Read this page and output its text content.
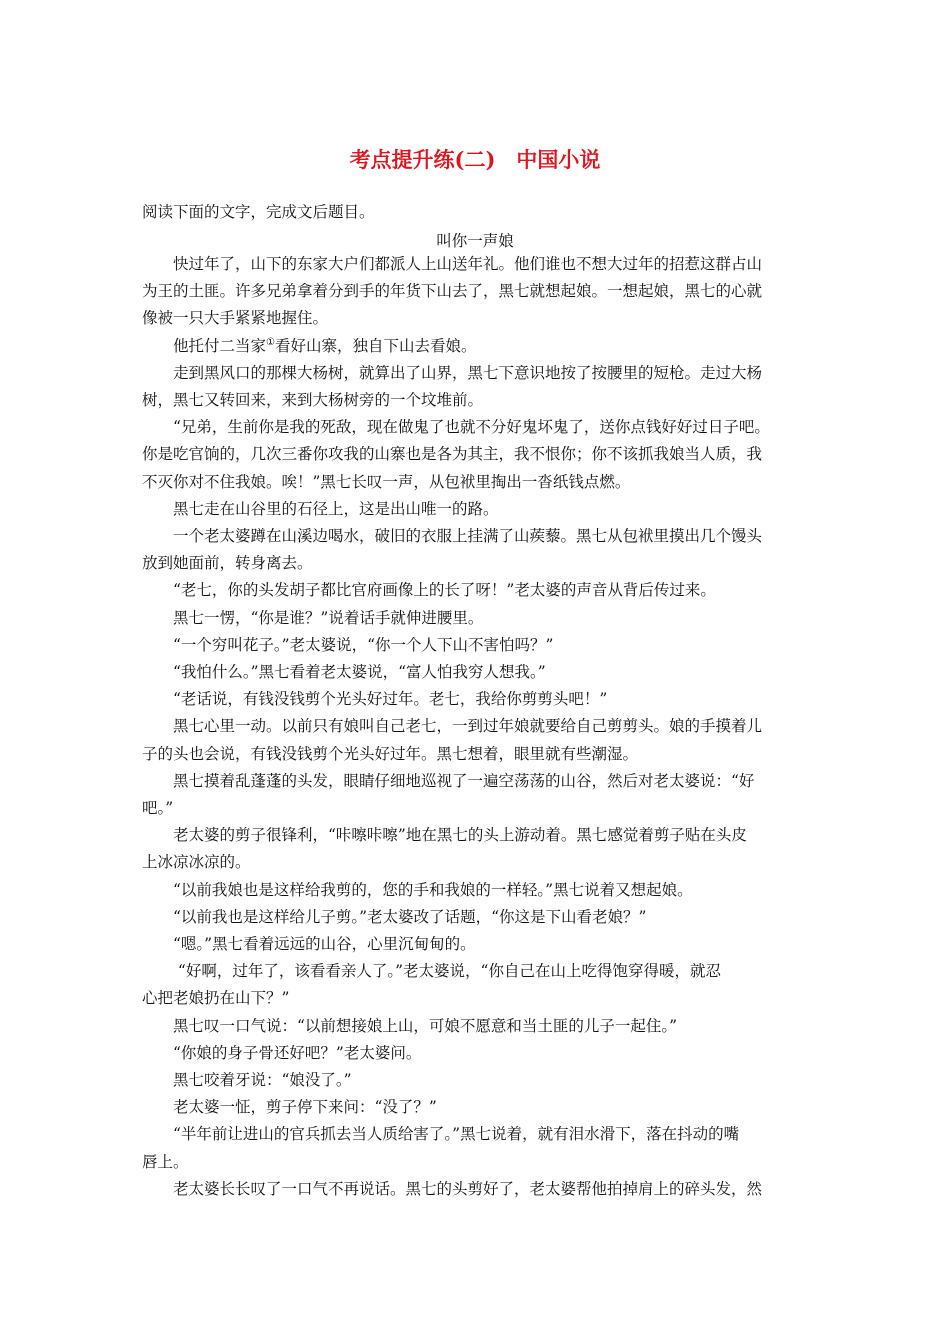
考点提升练(二)　中国小说
阅读下面的文字，完成文后题目。
叫你一声娘
　　快过年了，山下的东家大户们都派人上山送年礼。他们谁也不想大过年的招惹这群占山
为王的土匪。许多兄弟拿着分到手的年货下山去了，黑七就想起娘。一想起娘，黑七的心就
像被一只大手紧紧地握住。
　　他托付二当家①看好山寨，独自下山去看娘。
　　走到黑风口的那棵大杨树，就算出了山界，黑七下意识地按了按腰里的短枪。走过大杨
树，黑七又转回来，来到大杨树旁的一个坟堆前。
　　“兄弟，生前你是我的死敌，现在做鬼了也就不分好鬼坏鬼了，送你点钱好好过日子吧。
你是吃官饷的，几次三番你攻我的山寨也是各为其主，我不恨你；你不该抓我娘当人质，我
不灭你对不住我娘。唉！”黑七长叹一声，从包袱里掏出一沓纸钱点燃。
　　黑七走在山谷里的石径上，这是出山唯一的路。
　　一个老太婆蹲在山溪边喝水，破旧的衣服上挂满了山蒺藜。黑七从包袱里摸出几个馒头
放到她面前，转身离去。
　　“老七，你的头发胡子都比官府画像上的长了呀！”老太婆的声音从背后传过来。
　　黑七一愣，“你是谁？”说着话手就伸进腰里。
　　“一个穷叫花子。”老太婆说，“你一个人下山不害怕吗？”
　　“我怕什么。”黑七看着老太婆说，“富人怕我穷人想我。”
　　“老话说，有钱没钱剪个光头好过年。老七，我给你剪剪头吧！”
　　黑七心里一动。以前只有娘叫自己老七，一到过年娘就要给自己剪剪头。娘的手摸着儿
子的头也会说，有钱没钱剪个光头好过年。黑七想着，眼里就有些潮湿。
　　黑七摸着乱蓬蓬的头发，眼睛仔细地巡视了一遍空荡荡的山谷，然后对老太婆说：“好
吧。”
　　老太婆的剪子很锋利，“咔嚓咔嚓”地在黑七的头上游动着。黑七感觉着剪子贴在头皮
上冰凉冰凉的。
　　“以前我娘也是这样给我剪的，您的手和我娘的一样轻。”黑七说着又想起娘。
　　“以前我也是这样给儿子剪。”老太婆改了话题，“你这是下山看老娘？”
　　“嗯。”黑七看着远远的山谷，心里沉甸甸的。
　　 “好啊，过年了，该看看亲人了。”老太婆说，“你自己在山上吃得饱穿得暖，就忍
心把老娘扔在山下？”
　　黑七叹一口气说：“以前想接娘上山，可娘不愿意和当土匪的儿子一起住。”
　　“你娘的身子骨还好吧？”老太婆问。
　　黑七咬着牙说：“娘没了。”
　　老太婆一怔，剪子停下来问：“没了？”
　　“半年前让进山的官兵抓去当人质给害了。”黑七说着，就有泪水滑下，落在抖动的嘴
唇上。
　　老太婆长长叹了一口气不再说话。黑七的头剪好了，老太婆帮他拍掉肩上的碎头发，然
